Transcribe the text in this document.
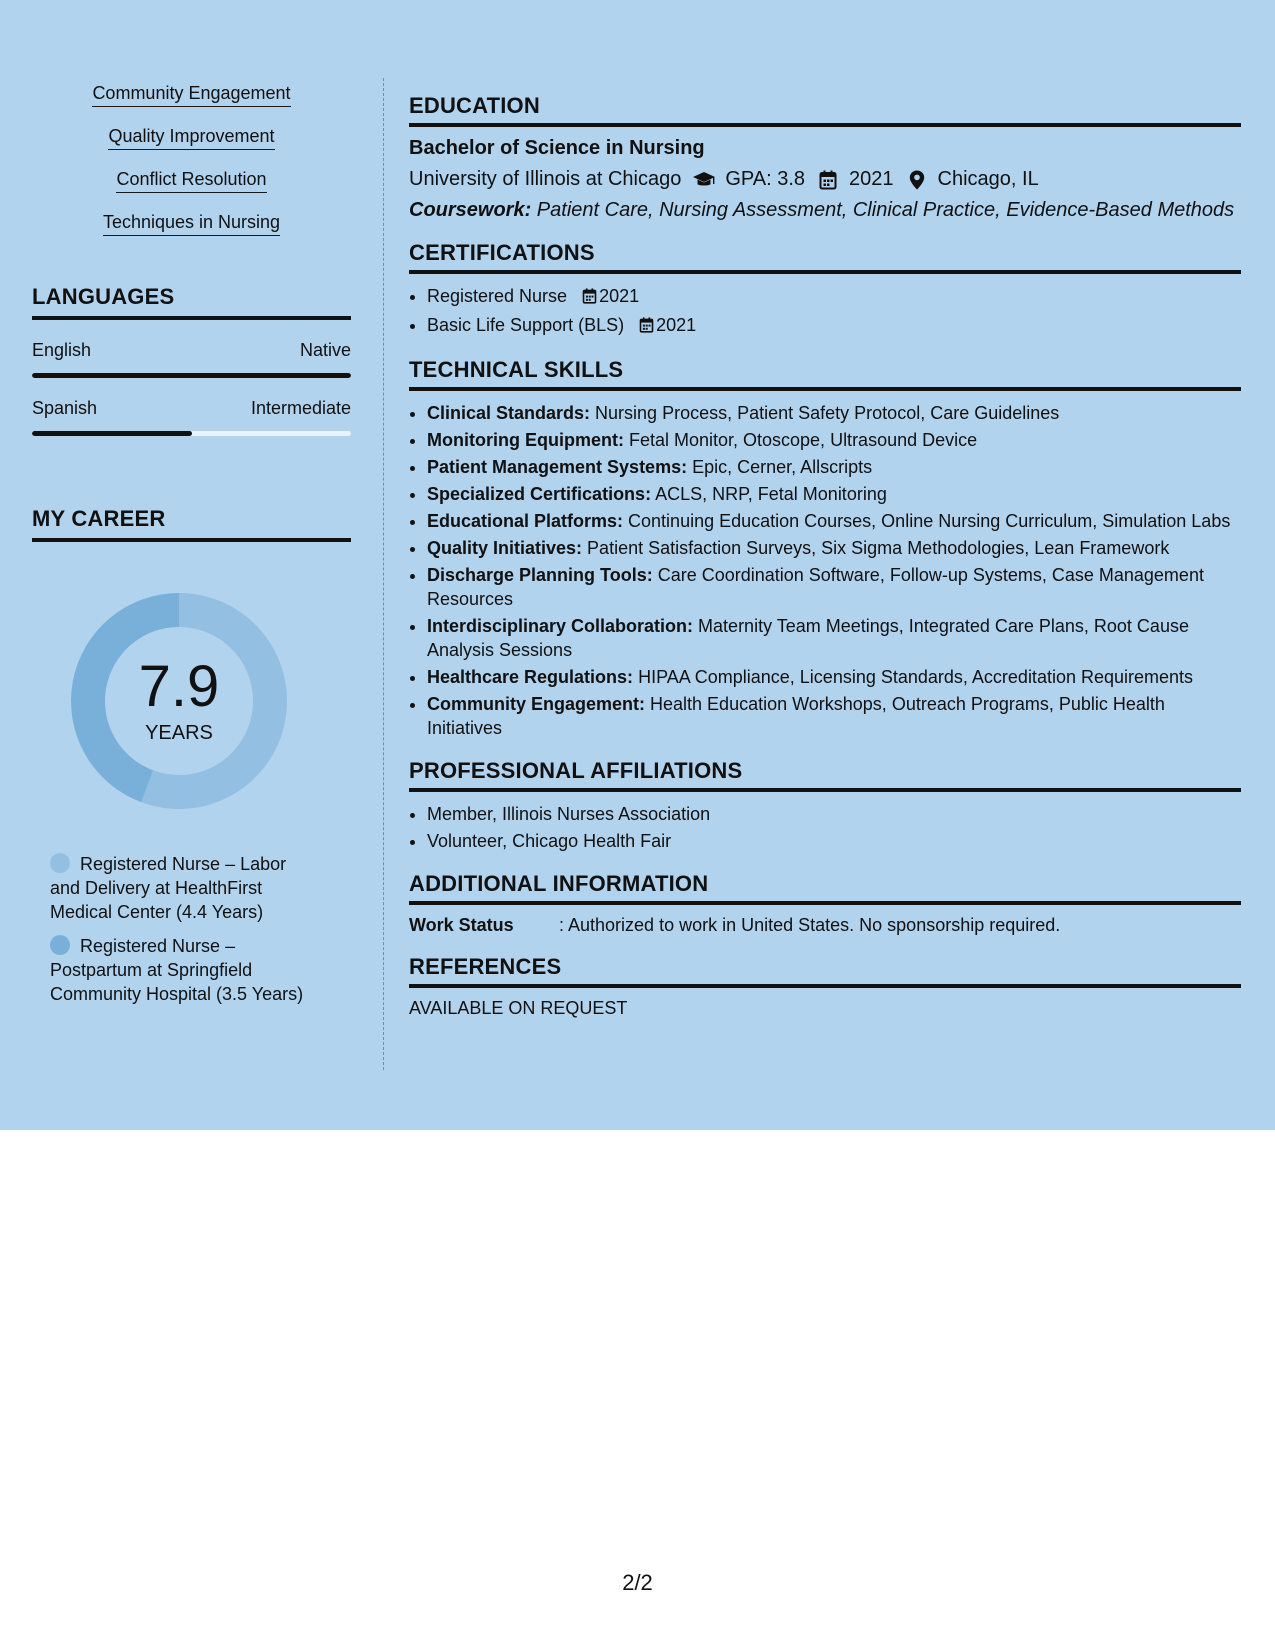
Community Engagement
Quality Improvement
Conflict Resolution
Techniques in Nursing
LANGUAGES
English	Native
Spanish	Intermediate
MY CAREER
7.9
YEARS
Registered Nurse – Labor and Delivery at HealthFirst Medical Center (4.4 Years)
Registered Nurse – Postpartum at Springfield Community Hospital (3.5 Years)
EDUCATION
Bachelor of Science in Nursing
University of Illinois at Chicago GPA: 3.8 2021 Chicago, IL
Coursework: Patient Care, Nursing Assessment, Clinical Practice, Evidence-Based Methods
CERTIFICATIONS
• Registered Nurse 2021
• Basic Life Support (BLS) 2021
TECHNICAL SKILLS
• Clinical Standards: Nursing Process, Patient Safety Protocol, Care Guidelines
• Monitoring Equipment: Fetal Monitor, Otoscope, Ultrasound Device
• Patient Management Systems: Epic, Cerner, Allscripts
• Specialized Certifications: ACLS, NRP, Fetal Monitoring
• Educational Platforms: Continuing Education Courses, Online Nursing Curriculum, Simulation Labs
• Quality Initiatives: Patient Satisfaction Surveys, Six Sigma Methodologies, Lean Framework
• Discharge Planning Tools: Care Coordination Software, Follow-up Systems, Case Management Resources
• Interdisciplinary Collaboration: Maternity Team Meetings, Integrated Care Plans, Root Cause Analysis Sessions
• Healthcare Regulations: HIPAA Compliance, Licensing Standards, Accreditation Requirements
• Community Engagement: Health Education Workshops, Outreach Programs, Public Health Initiatives
PROFESSIONAL AFFILIATIONS
• Member, Illinois Nurses Association
• Volunteer, Chicago Health Fair
ADDITIONAL INFORMATION
Work Status	: Authorized to work in United States. No sponsorship required.
REFERENCES
AVAILABLE ON REQUEST
2/2
